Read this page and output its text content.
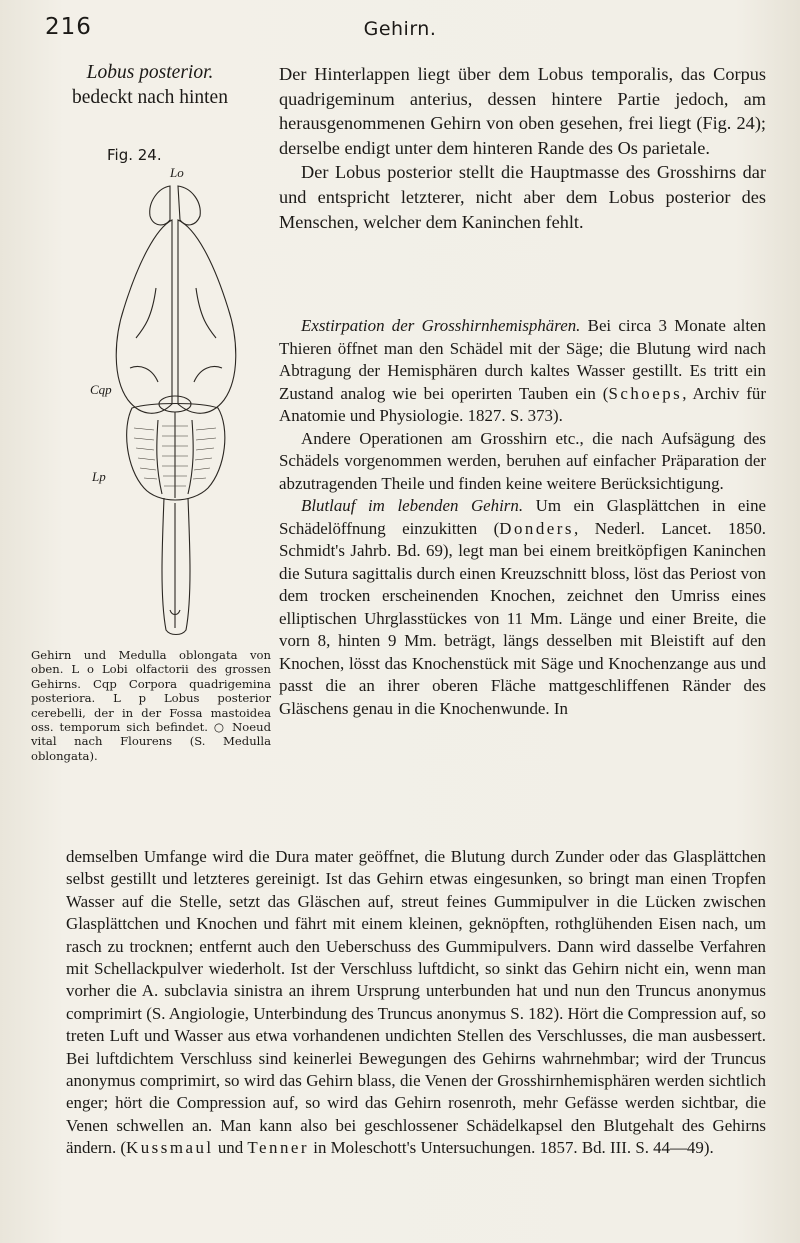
216	Gehirn.
Lobus posterior.
bedeckt nach hinten
Fig. 24.
Lo
Cqp
Lp
Gehirn und Medulla oblongata von oben. L o Lobi olfactorii des grossen Gehirns. Cqp Corpora quadrigemina posteriora. L p Lobus posterior cerebelli, der in der Fossa mastoidea oss. temporum sich befindet. ○ Noeud vital nach Flourens (S. Medulla oblongata).

Der Hinterlappen liegt über dem Lobus temporalis, das Corpus quadrigeminum anterius, dessen hintere Partie jedoch, am herausgenommenen Gehirn von oben gesehen, frei liegt (Fig. 24); derselbe endigt unter dem hinteren Rande des Os parietale.

Der Lobus posterior stellt die Hauptmasse des Grosshirns dar und entspricht letzterer, nicht aber dem Lobus posterior des Menschen, welcher dem Kaninchen fehlt.

Exstirpation der Grosshirnhemisphären. Bei circa 3 Monate alten Thieren öffnet man den Schädel mit der Säge; die Blutung wird nach Abtragung der Hemisphären durch kaltes Wasser gestillt. Es tritt ein Zustand analog wie bei operirten Tauben ein (Schoeps, Archiv für Anatomie und Physiologie. 1827. S. 373).

Andere Operationen am Grosshirn etc., die nach Aufsägung des Schädels vorgenommen werden, beruhen auf einfacher Präparation der abzutragenden Theile und finden keine weitere Berücksichtigung.

Blutlauf im lebenden Gehirn. Um ein Glasplättchen in eine Schädelöffnung einzukitten (Donders, Nederl. Lancet. 1850. Schmidt's Jahrb. Bd. 69), legt man bei einem breitköpfigen Kaninchen die Sutura sagittalis durch einen Kreuzschnitt bloss, löst das Periost von dem trocken erscheinenden Knochen, zeichnet den Umriss eines elliptischen Uhrglasstückes von 11 Mm. Länge und einer Breite, die vorn 8, hinten 9 Mm. beträgt, längs desselben mit Bleistift auf den Knochen, lösst das Knochenstück mit Säge und Knochenzange aus und passt die an ihrer oberen Fläche mattgeschliffenen Ränder des Gläschens genau in die Knochenwunde. In

demselben Umfange wird die Dura mater geöffnet, die Blutung durch Zunder oder das Glasplättchen selbst gestillt und letzteres gereinigt. Ist das Gehirn etwas eingesunken, so bringt man einen Tropfen Wasser auf die Stelle, setzt das Gläschen auf, streut feines Gummipulver in die Lücken zwischen Glasplättchen und Knochen und fährt mit einem kleinen, geknöpften, rothglühenden Eisen nach, um rasch zu trocknen; entfernt auch den Ueberschuss des Gummipulvers. Dann wird dasselbe Verfahren mit Schellackpulver wiederholt. Ist der Verschluss luftdicht, so sinkt das Gehirn nicht ein, wenn man vorher die A. subclavia sinistra an ihrem Ursprung unterbunden hat und nun den Truncus anonymus comprimirt (S. Angiologie, Unterbindung des Truncus anonymus S. 182). Hört die Compression auf, so treten Luft und Wasser aus etwa vorhandenen undichten Stellen des Verschlusses, die man ausbessert. Bei luftdichtem Verschluss sind keinerlei Bewegungen des Gehirns wahrnehmbar; wird der Truncus anonymus comprimirt, so wird das Gehirn blass, die Venen der Grosshirnhemisphären werden sichtlich enger; hört die Compression auf, so wird das Gehirn rosenroth, mehr Gefässe werden sichtbar, die Venen schwellen an. Man kann also bei geschlossener Schädelkapsel den Blutgehalt des Gehirns ändern. (Kussmaul und Tenner in Moleschott's Untersuchungen. 1857. Bd. III. S. 44—49).
